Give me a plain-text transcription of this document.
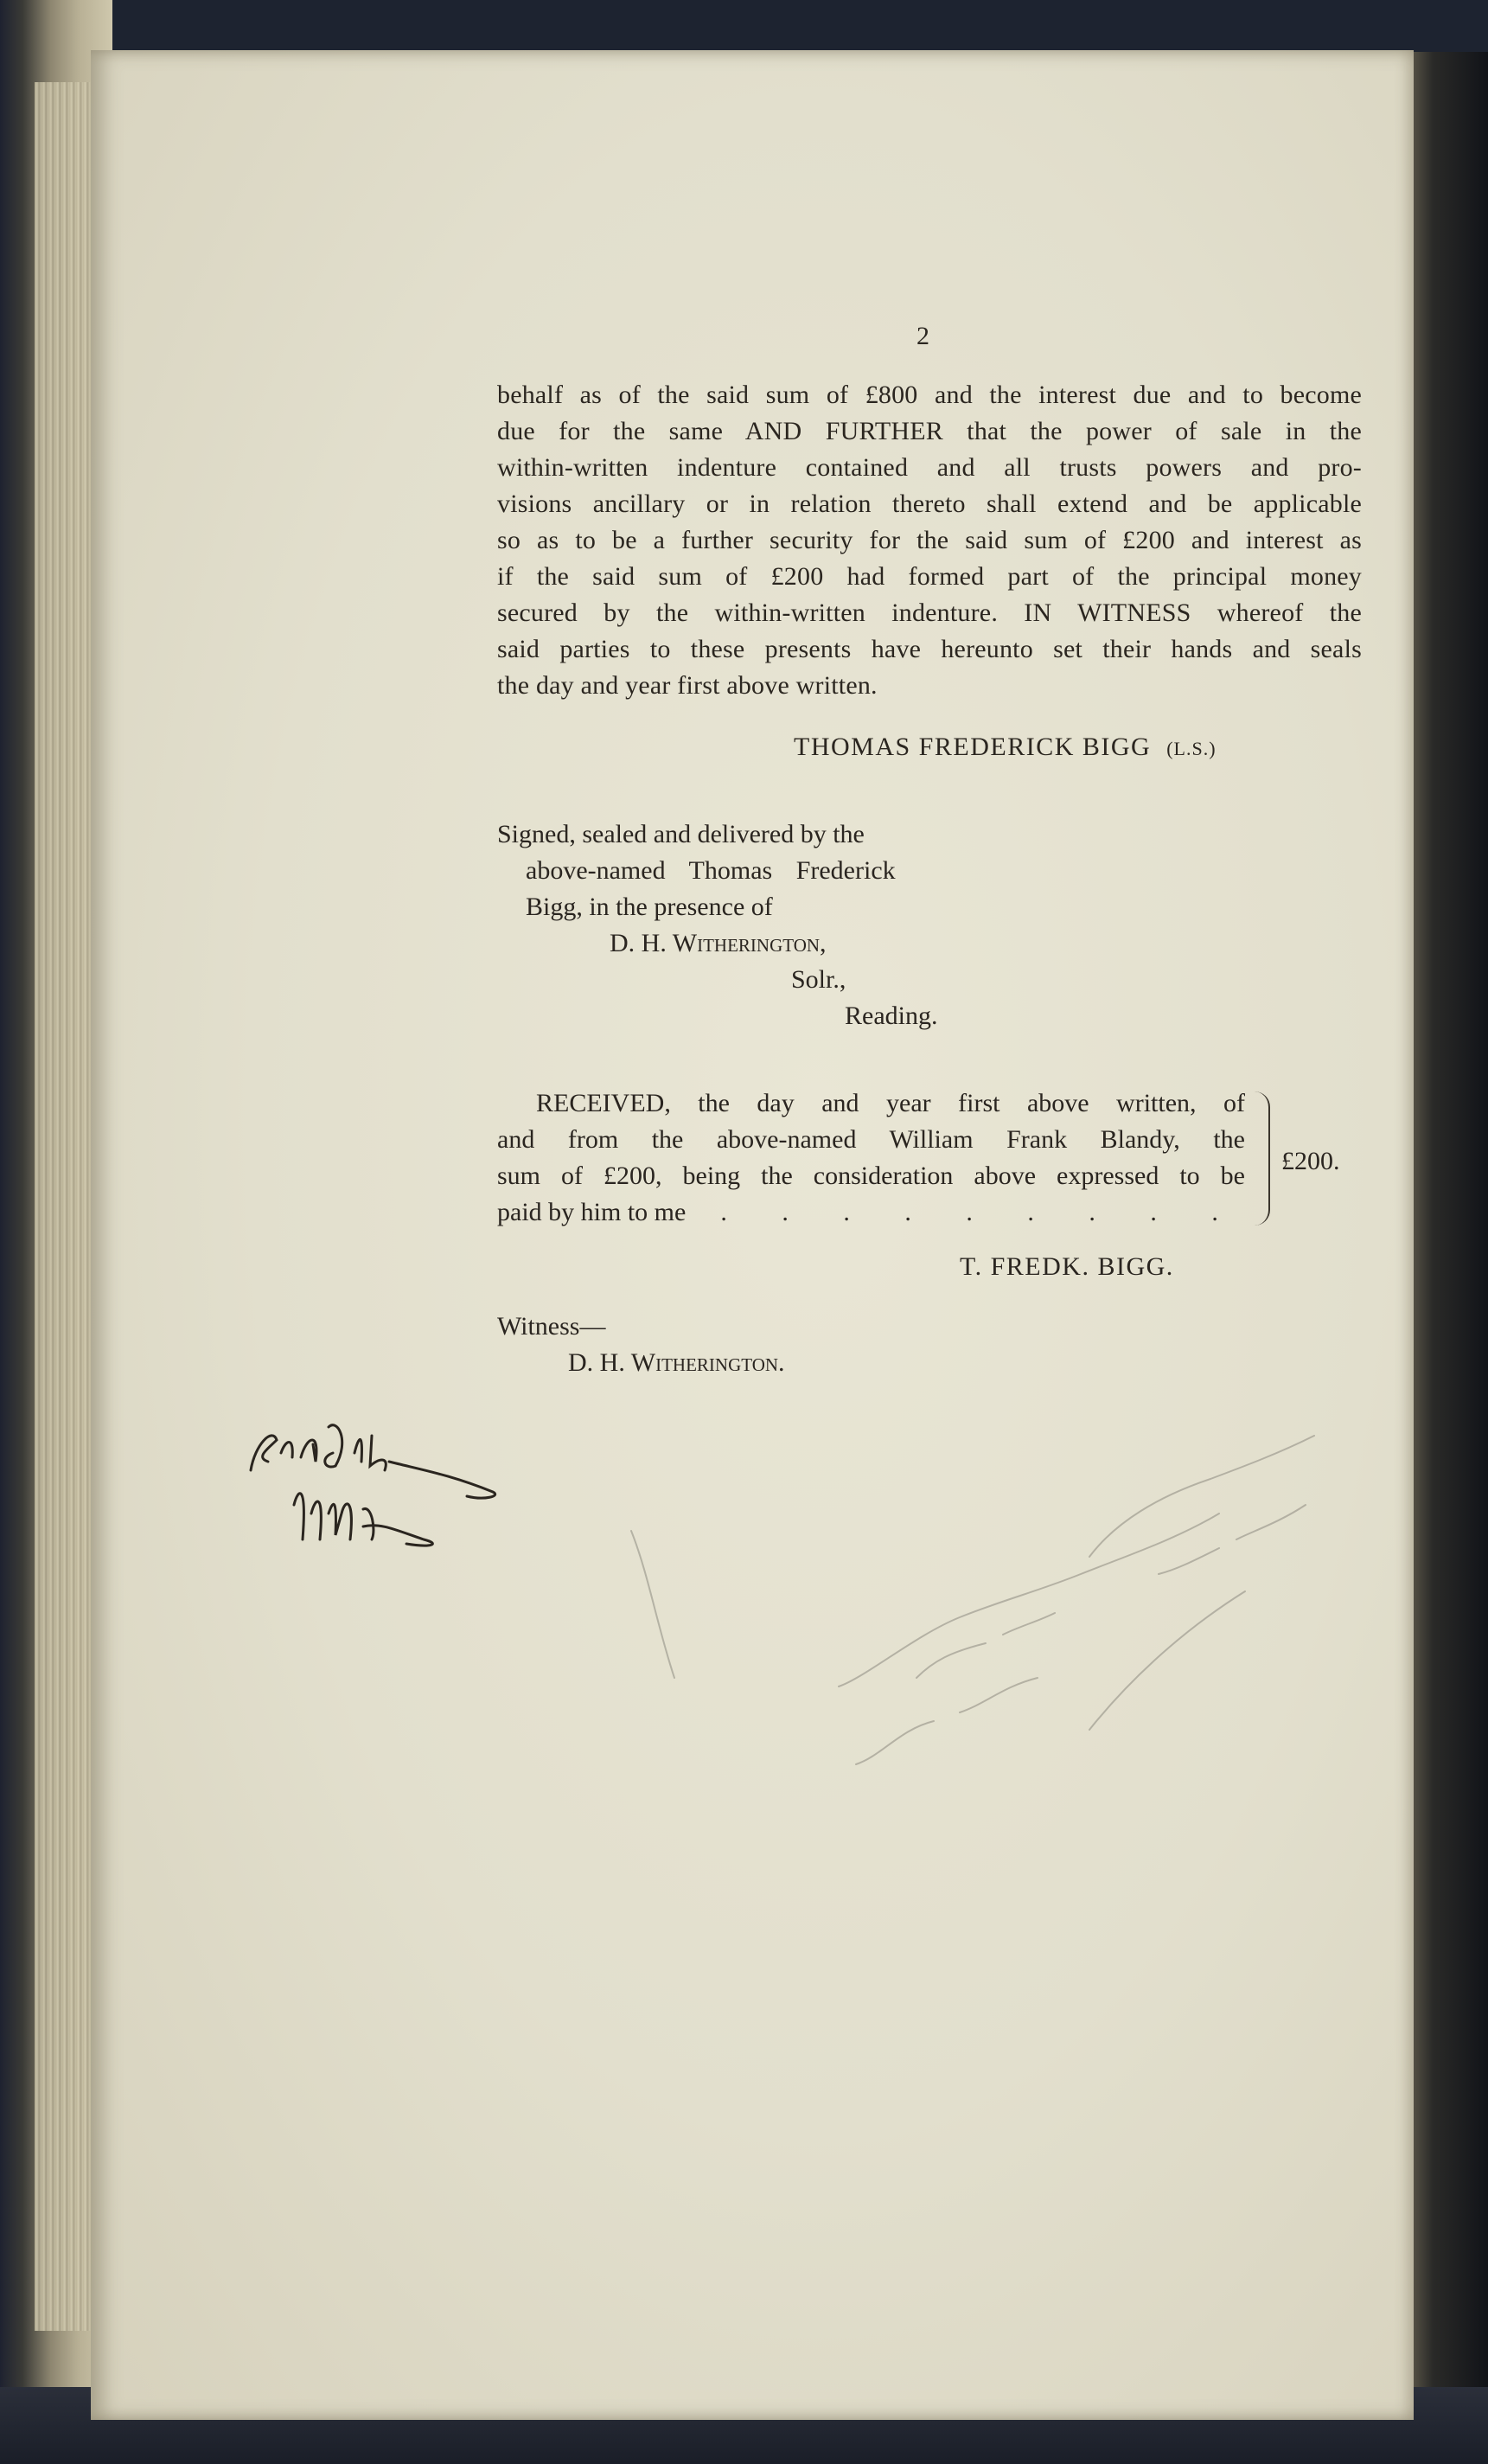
2
behalf as of the said sum of £800 and the interest due and to become
due for the same AND FURTHER that the power of sale in the
within-written indenture contained and all trusts powers and pro-
visions ancillary or in relation thereto shall extend and be applicable
so as to be a further security for the said sum of £200 and interest as
if the said sum of £200 had formed part of the principal money
secured by the within-written indenture. IN WITNESS whereof the
said parties to these presents have hereunto set their hands and seals
the day and year first above written.
THOMAS FREDERICK BIGG (L.S.)
Signed, sealed and delivered by the
above-named Thomas Frederick
Bigg, in the presence of
D. H. Witherington,
Solr.,
Reading.
RECEIVED, the day and year first above written, of
and from the above-named William Frank Blandy, the
sum of £200, being the consideration above expressed to be
paid by him to me . . . . . . . . .
£200.
T. FREDK. BIGG.
Witness—
D. H. Witherington.
